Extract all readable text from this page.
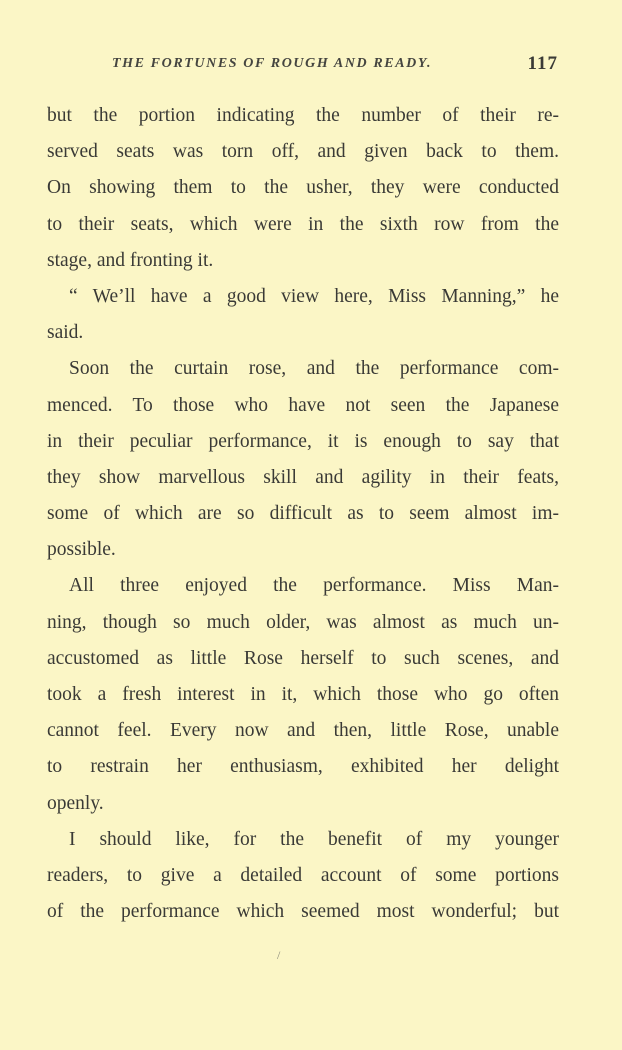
THE FORTUNES OF ROUGH AND READY.	117
but the portion indicating the number of their re-
served seats was torn off, and given back to them.
On showing them to the usher, they were conducted
to their seats, which were in the sixth row from the
stage, and fronting it.
“ We’ll have a good view here, Miss Manning,” he
said.
Soon the curtain rose, and the performance com-
menced. To those who have not seen the Japanese
in their peculiar performance, it is enough to say that
they show marvellous skill and agility in their feats,
some of which are so difficult as to seem almost im-
possible.
All three enjoyed the performance. Miss Man-
ning, though so much older, was almost as much un-
accustomed as little Rose herself to such scenes, and
took a fresh interest in it, which those who go often
cannot feel. Every now and then, little Rose, unable
to restrain her enthusiasm, exhibited her delight
openly.
I should like, for the benefit of my younger
readers, to give a detailed account of some portions
of the performance which seemed most wonderful; but
/
